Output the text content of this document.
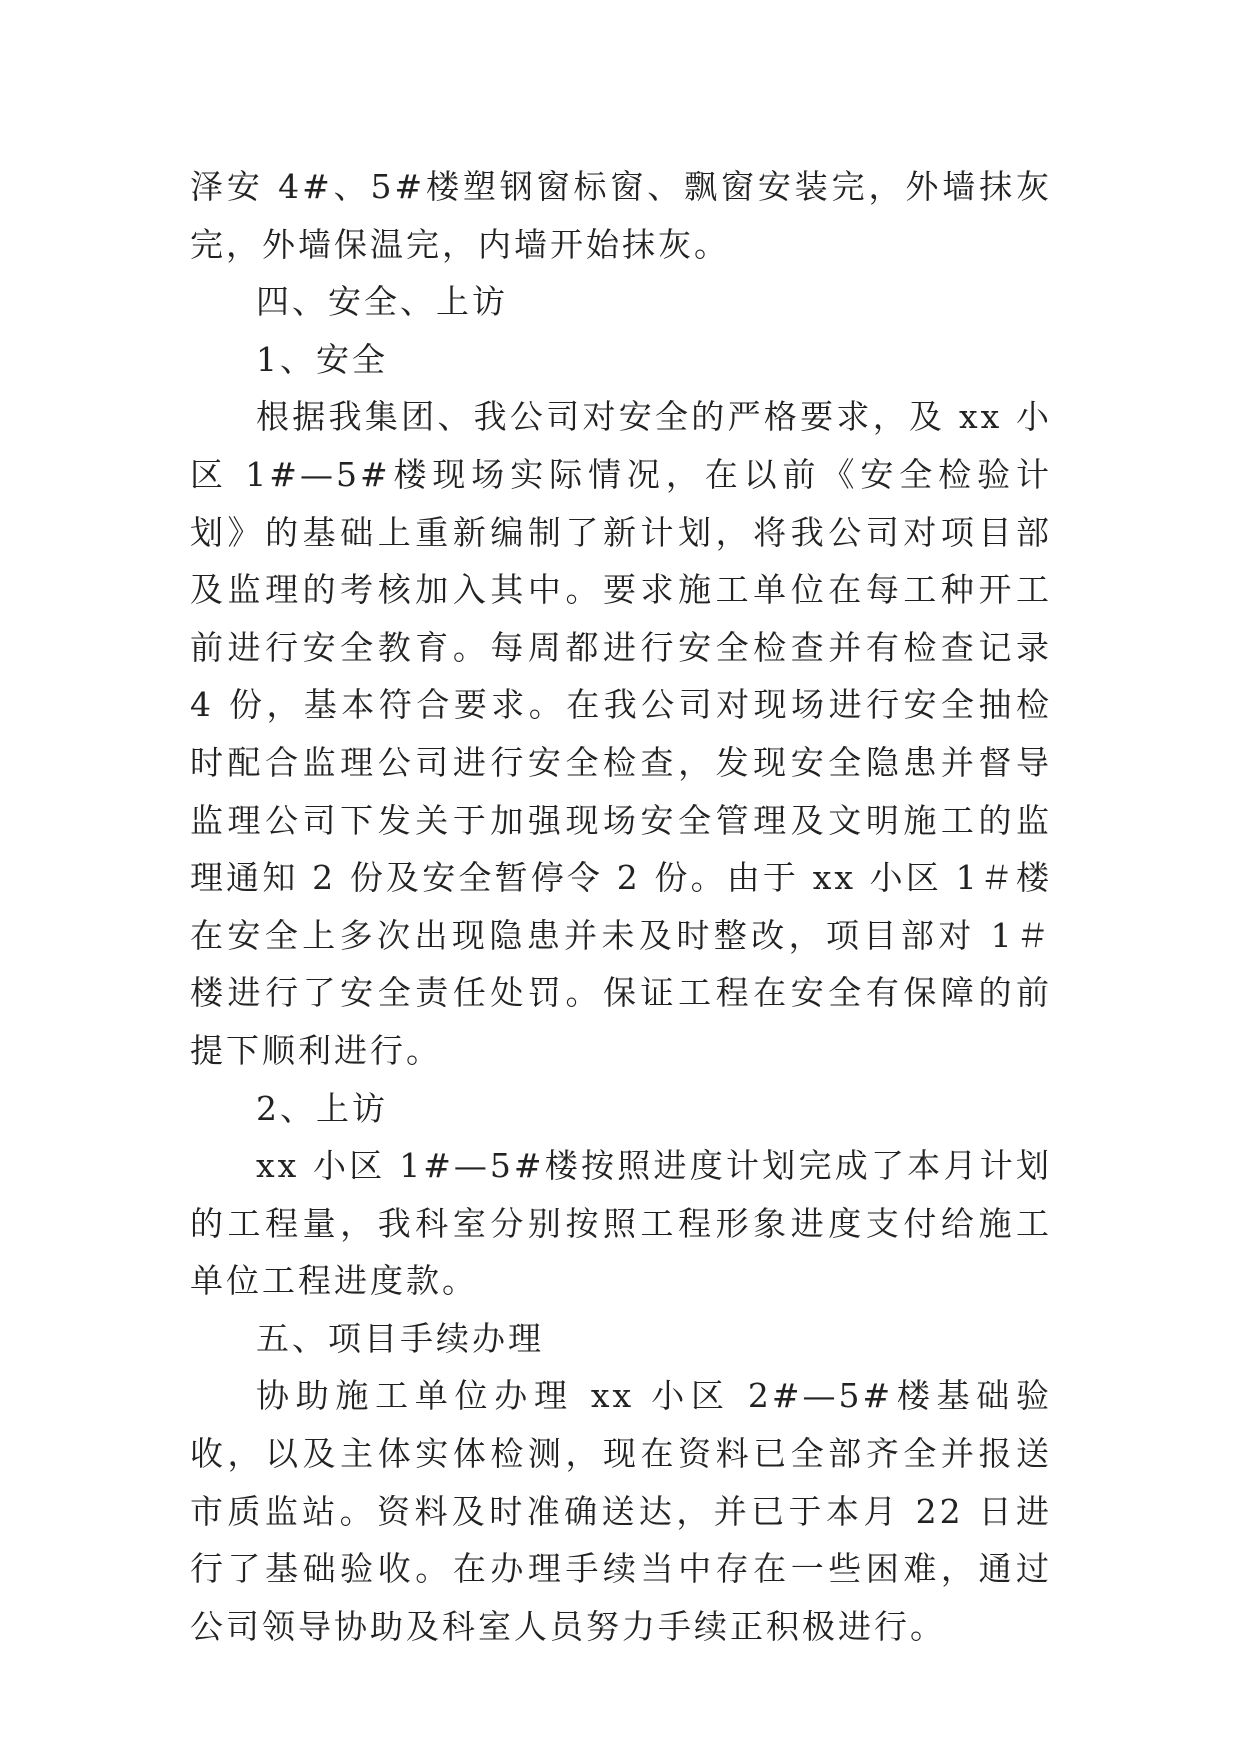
泽安 4#、5#楼塑钢窗标窗、飘窗安装完，外墙抹灰完，外墙保温完，内墙开始抹灰。

四、安全、上访

1、安全

根据我集团、我公司对安全的严格要求，及 xx 小区 1#—5#楼现场实际情况，在以前《安全检验计划》的基础上重新编制了新计划，将我公司对项目部及监理的考核加入其中。要求施工单位在每工种开工前进行安全教育。每周都进行安全检查并有检查记录 4 份，基本符合要求。在我公司对现场进行安全抽检时配合监理公司进行安全检查，发现安全隐患并督导监理公司下发关于加强现场安全管理及文明施工的监理通知 2 份及安全暂停令 2 份。由于 xx 小区 1＃楼在安全上多次出现隐患并未及时整改，项目部对 1＃楼进行了安全责任处罚。保证工程在安全有保障的前提下顺利进行。

2、上访

xx 小区 1#—5#楼按照进度计划完成了本月计划的工程量，我科室分别按照工程形象进度支付给施工单位工程进度款。

五、项目手续办理

协助施工单位办理 xx 小区 2#—5#楼基础验收，以及主体实体检测，现在资料已全部齐全并报送市质监站。资料及时准确送达，并已于本月 22 日进行了基础验收。在办理手续当中存在一些困难，通过公司领导协助及科室人员努力手续正积极进行。
